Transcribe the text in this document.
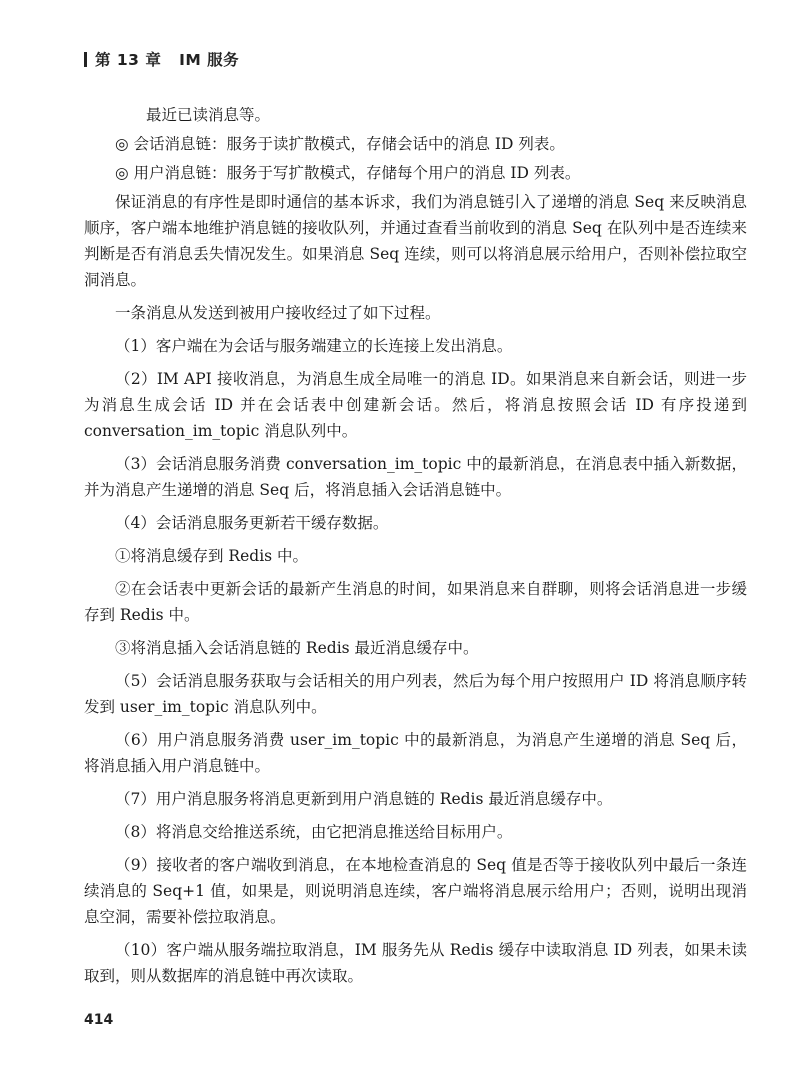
第 13 章 IM 服务

最近已读消息等。

◎ 会话消息链：服务于读扩散模式，存储会话中的消息 ID 列表。

◎ 用户消息链：服务于写扩散模式，存储每个用户的消息 ID 列表。

保证消息的有序性是即时通信的基本诉求，我们为消息链引入了递增的消息 Seq 来反映消息顺序，客户端本地维护消息链的接收队列，并通过查看当前收到的消息 Seq 在队列中是否连续来判断是否有消息丢失情况发生。如果消息 Seq 连续，则可以将消息展示给用户，否则补偿拉取空洞消息。

一条消息从发送到被用户接收经过了如下过程。

（1）客户端在为会话与服务端建立的长连接上发出消息。

（2）IM API 接收消息，为消息生成全局唯一的消息 ID。如果消息来自新会话，则进一步为消息生成会话 ID 并在会话表中创建新会话。然后，将消息按照会话 ID 有序投递到 conversation_im_topic 消息队列中。

（3）会话消息服务消费 conversation_im_topic 中的最新消息，在消息表中插入新数据，并为消息产生递增的消息 Seq 后，将消息插入会话消息链中。

（4）会话消息服务更新若干缓存数据。

①将消息缓存到 Redis 中。

②在会话表中更新会话的最新产生消息的时间，如果消息来自群聊，则将会话消息进一步缓存到 Redis 中。

③将消息插入会话消息链的 Redis 最近消息缓存中。

（5）会话消息服务获取与会话相关的用户列表，然后为每个用户按照用户 ID 将消息顺序转发到 user_im_topic 消息队列中。

（6）用户消息服务消费 user_im_topic 中的最新消息，为消息产生递增的消息 Seq 后，将消息插入用户消息链中。

（7）用户消息服务将消息更新到用户消息链的 Redis 最近消息缓存中。

（8）将消息交给推送系统，由它把消息推送给目标用户。

（9）接收者的客户端收到消息，在本地检查消息的 Seq 值是否等于接收队列中最后一条连续消息的 Seq+1 值，如果是，则说明消息连续，客户端将消息展示给用户；否则，说明出现消息空洞，需要补偿拉取消息。

（10）客户端从服务端拉取消息，IM 服务先从 Redis 缓存中读取消息 ID 列表，如果未读取到，则从数据库的消息链中再次读取。

414
